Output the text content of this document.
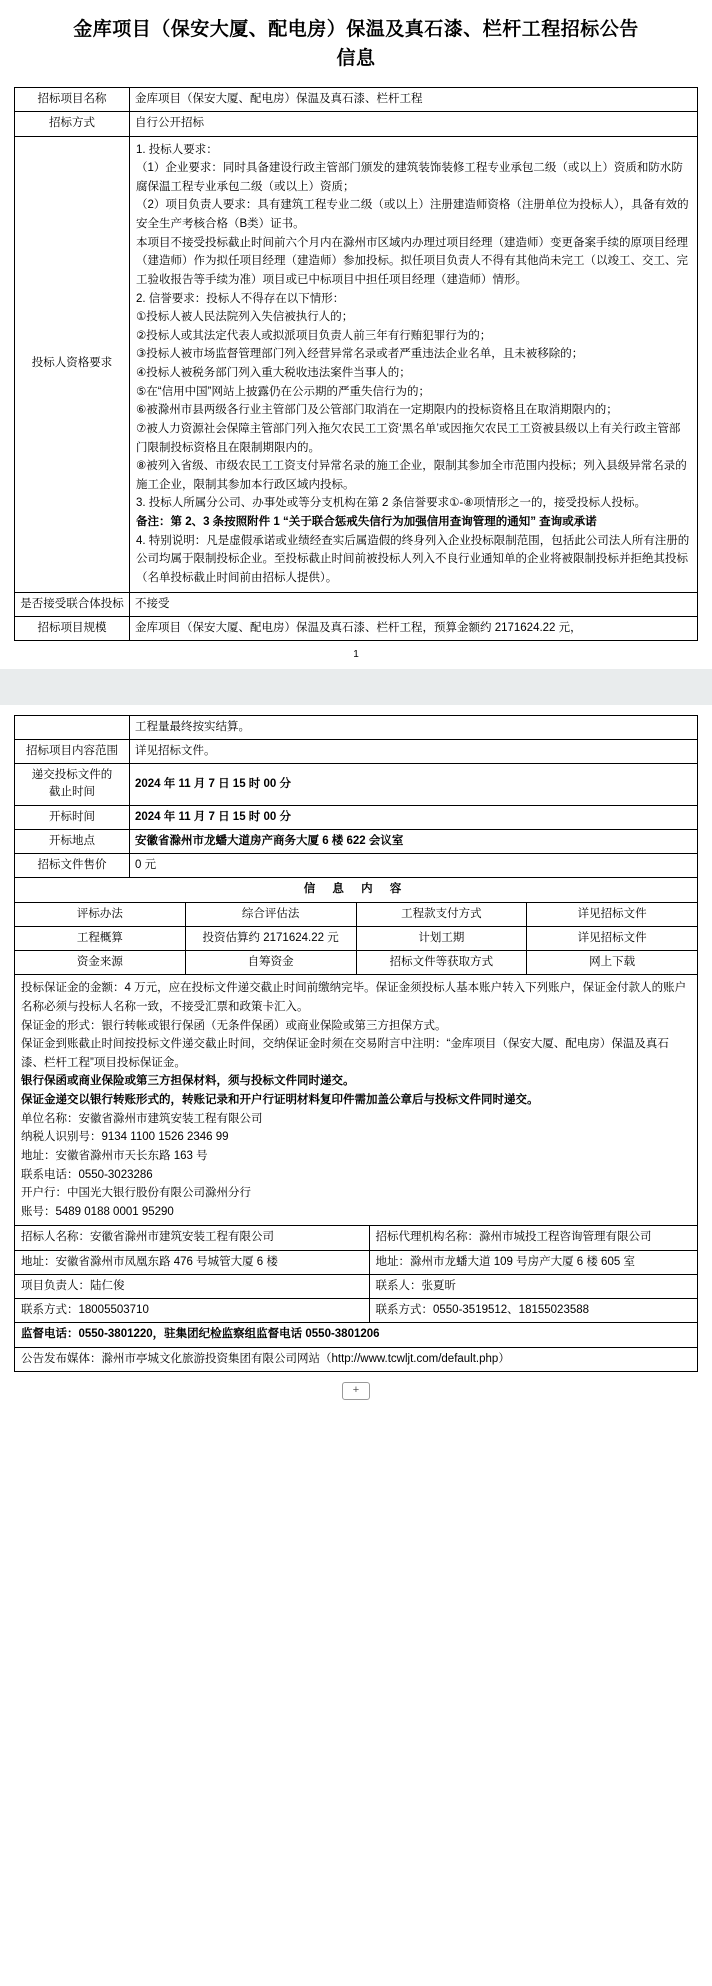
金库项目（保安大厦、配电房）保温及真石漆、栏杆工程招标公告
信息
招标项目名称	金库项目（保安大厦、配电房）保温及真石漆、栏杆工程
招标方式	自行公开招标
投标人资格要求	

1. 投标人要求：

（1）企业要求：同时具备建设行政主管部门颁发的建筑装饰装修工程专业承包二级（或以上）资质和防水防腐保温工程专业承包二级（或以上）资质；

（2）项目负责人要求：具有建筑工程专业二级（或以上）注册建造师资格（注册单位为投标人），具备有效的安全生产考核合格（B类）证书。

本项目不接受投标截止时间前六个月内在滁州市区域内办理过项目经理（建造师）变更备案手续的原项目经理（建造师）作为拟任项目经理（建造师）参加投标。拟任项目负责人不得有其他尚未完工（以竣工、交工、完工验收报告等手续为准）项目或已中标项目中担任项目经理（建造师）情形。

2. 信誉要求：投标人不得存在以下情形：

①投标人被人民法院列入失信被执行人的；

②投标人或其法定代表人或拟派项目负责人前三年有行贿犯罪行为的；

③投标人被市场监督管理部门列入经营异常名录或者严重违法企业名单，且未被移除的；

④投标人被税务部门列入重大税收违法案件当事人的；

⑤在“信用中国”网站上披露仍在公示期的严重失信行为的；

⑥被滁州市县两级各行业主管部门及公管部门取消在一定期限内的投标资格且在取消期限内的；

⑦被人力资源社会保障主管部门列入拖欠农民工工资‘黑名单’或因拖欠农民工工资被县级以上有关行政主管部门限制投标资格且在限制期限内的。

⑧被列入省级、市级农民工工资支付异常名录的施工企业，限制其参加全市范围内投标；列入县级异常名录的施工企业，限制其参加本行政区域内投标。

3. 投标人所属分公司、办事处或等分支机构在第 2 条信誉要求①-⑧项情形之一的，接受投标人投标。

备注：第 2、3 条按照附件 1 “关于联合惩戒失信行为加强信用查询管理的通知” 查询或承诺

4. 特别说明：凡是虚假承诺或业绩经查实后属造假的终身列入企业投标限制范围，包括此公司法人所有注册的公司均属于限制投标企业。至投标截止时间前被投标人列入不良行业通知单的企业将被限制投标并拒绝其投标（名单投标截止时间前由招标人提供）。

是否接受联合体投标	不接受
招标项目规模	金库项目（保安大厦、配电房）保温及真石漆、栏杆工程，预算金额约 2171624.22 元，
1
	工程量最终按实结算。
招标项目内容范围	详见招标文件。

递交投标文件的
截止时间	2024 年 11 月 7 日 15 时 00 分
开标时间	2024 年 11 月 7 日 15 时 00 分
开标地点	安徽省滁州市龙蟠大道房产商务大厦 6 楼 622 会议室
招标文件售价	0 元
信 息 内 容			
评标办法	综合评估法	工程款支付方式	详见招标文件
工程概算	投资估算约 2171624.22 元	计划工期	详见招标文件
资金来源	自筹资金	招标文件等获取方式	网上下载

投标保证金的金额：4 万元，应在投标文件递交截止时间前缴纳完毕。保证金须投标人基本账户转入下列账户，保证金付款人的账户名称必须与投标人名称一致，不接受汇票和政策卡汇入。

保证金的形式：银行转帐或银行保函（无条件保函）或商业保险或第三方担保方式。

保证金到账截止时间按投标文件递交截止时间，交纳保证金时须在交易附言中注明：“金库项目（保安大厦、配电房）保温及真石漆、栏杆工程”项目投标保证金。

银行保函或商业保险或第三方担保材料，须与投标文件同时递交。

保证金递交以银行转账形式的，转账记录和开户行证明材料复印件需加盖公章后与投标文件同时递交。

单位名称：安徽省滁州市建筑安装工程有限公司

纳税人识别号：9134 1100 1526 2346 99

地址：安徽省滁州市天长东路 163 号

联系电话：0550-3023286

开户行：中国光大银行股份有限公司滁州分行

账号：5489 0188 0001 95290

招标人名称：安徽省滁州市建筑安装工程有限公司	招标代理机构名称：滁州市城投工程咨询管理有限公司
地址：安徽省滁州市凤凰东路 476 号城管大厦 6 楼	地址：滁州市龙蟠大道 109 号房产大厦 6 楼 605 室
项目负责人：陆仁俊	联系人：张夏昕
联系方式：18005503710	联系方式：0550-3519512、18155023588
监督电话：0550-3801220，驻集团纪检监察组监督电话 0550-3801206	
公告发布媒体：滁州市亭城文化旅游投资集团有限公司网站（http://www.tcwljt.com/default.php）	
+
